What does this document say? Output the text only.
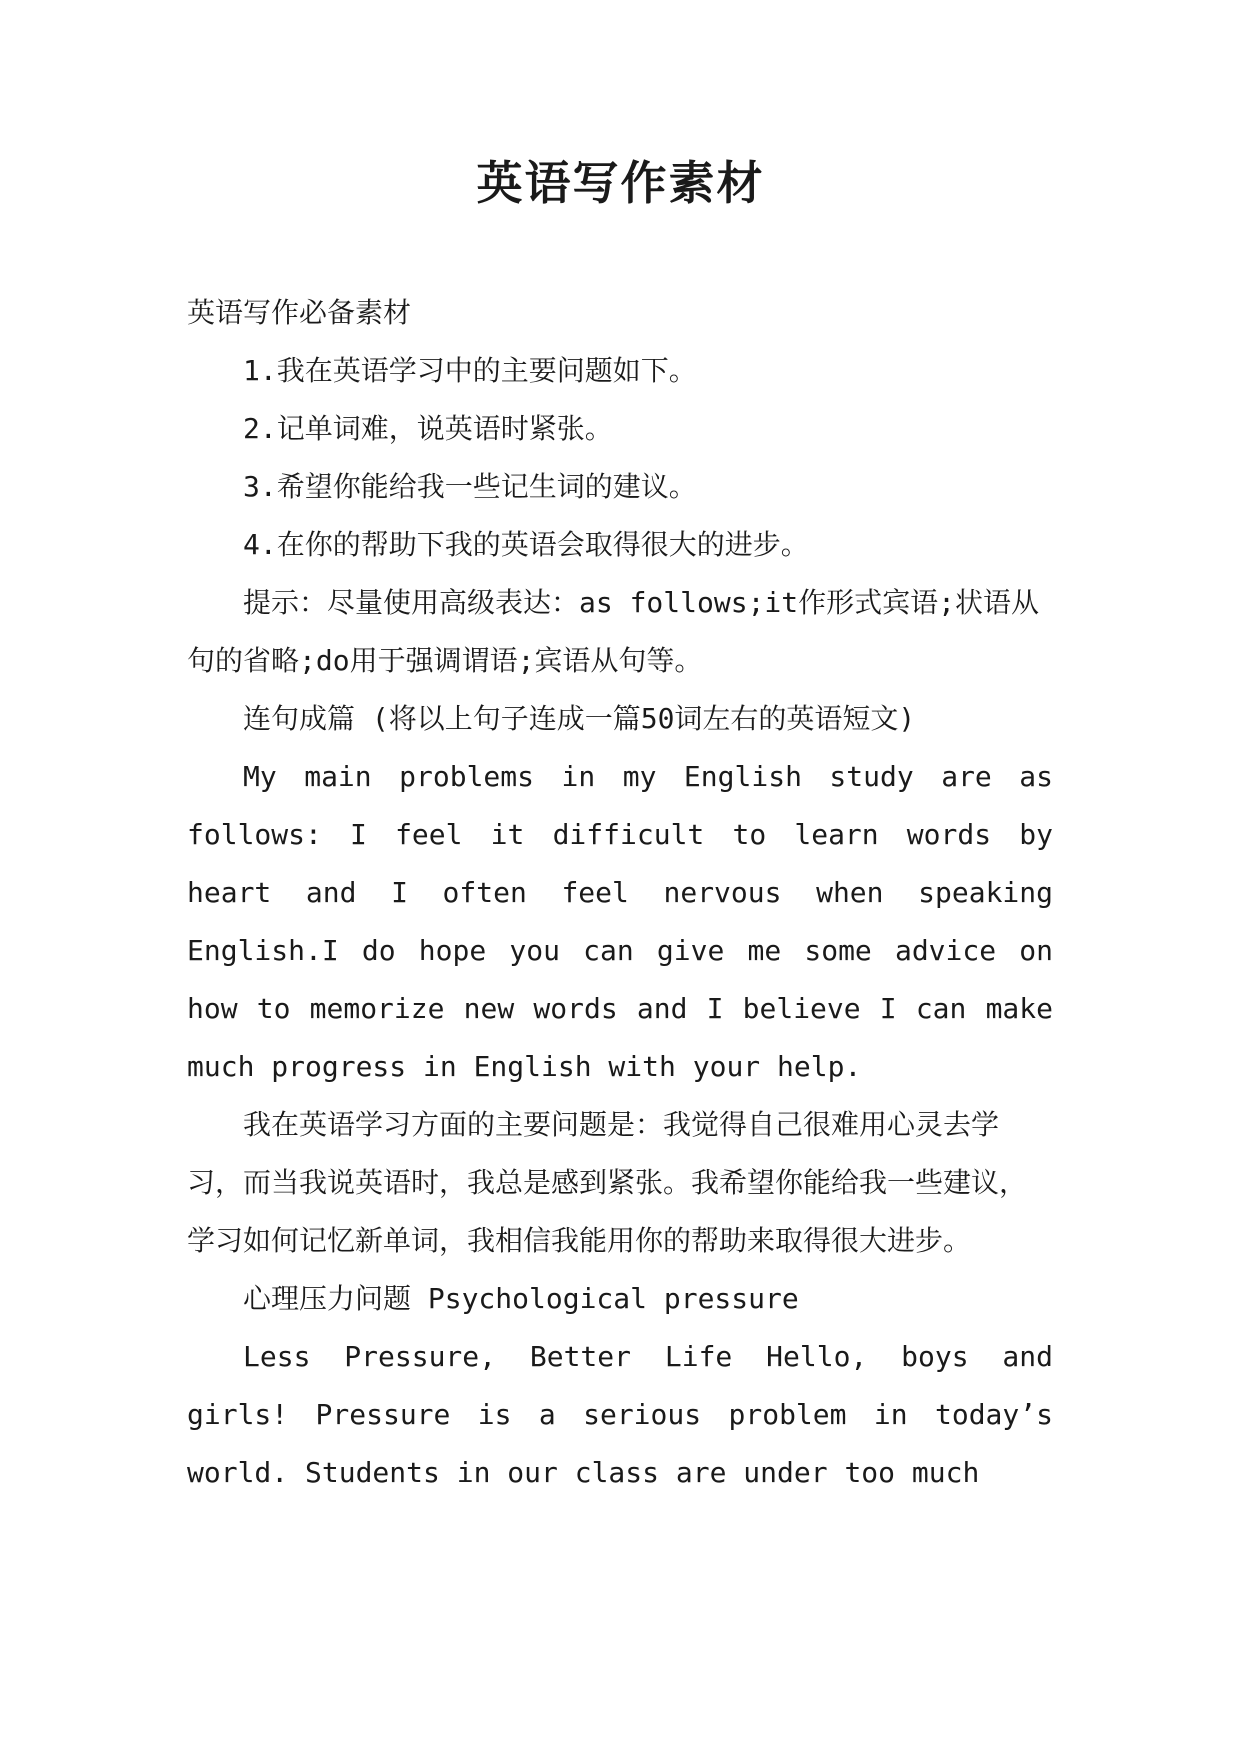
英语写作素材

英语写作必备素材

1.我在英语学习中的主要问题如下。

2.记单词难，说英语时紧张。

3.希望你能给我一些记生词的建议。

4.在你的帮助下我的英语会取得很大的进步。

提示：尽量使用高级表达：as follows;it作形式宾语;状语从句的省略;do用于强调谓语;宾语从句等。

连句成篇 (将以上句子连成一篇50词左右的英语短文)

My main problems in my English study are as follows: I feel it difficult to learn words by heart and I often feel nervous when speaking English.I do hope you can give me some advice on how to memorize new words and I believe I can make much progress in English with your help.

我在英语学习方面的主要问题是：我觉得自己很难用心灵去学习，而当我说英语时，我总是感到紧张。我希望你能给我一些建议，学习如何记忆新单词，我相信我能用你的帮助来取得很大进步。

心理压力问题 Psychological pressure

Less Pressure, Better Life Hello, boys and girls! Pressure is a serious problem in today’s world. Students in our class are under too much
